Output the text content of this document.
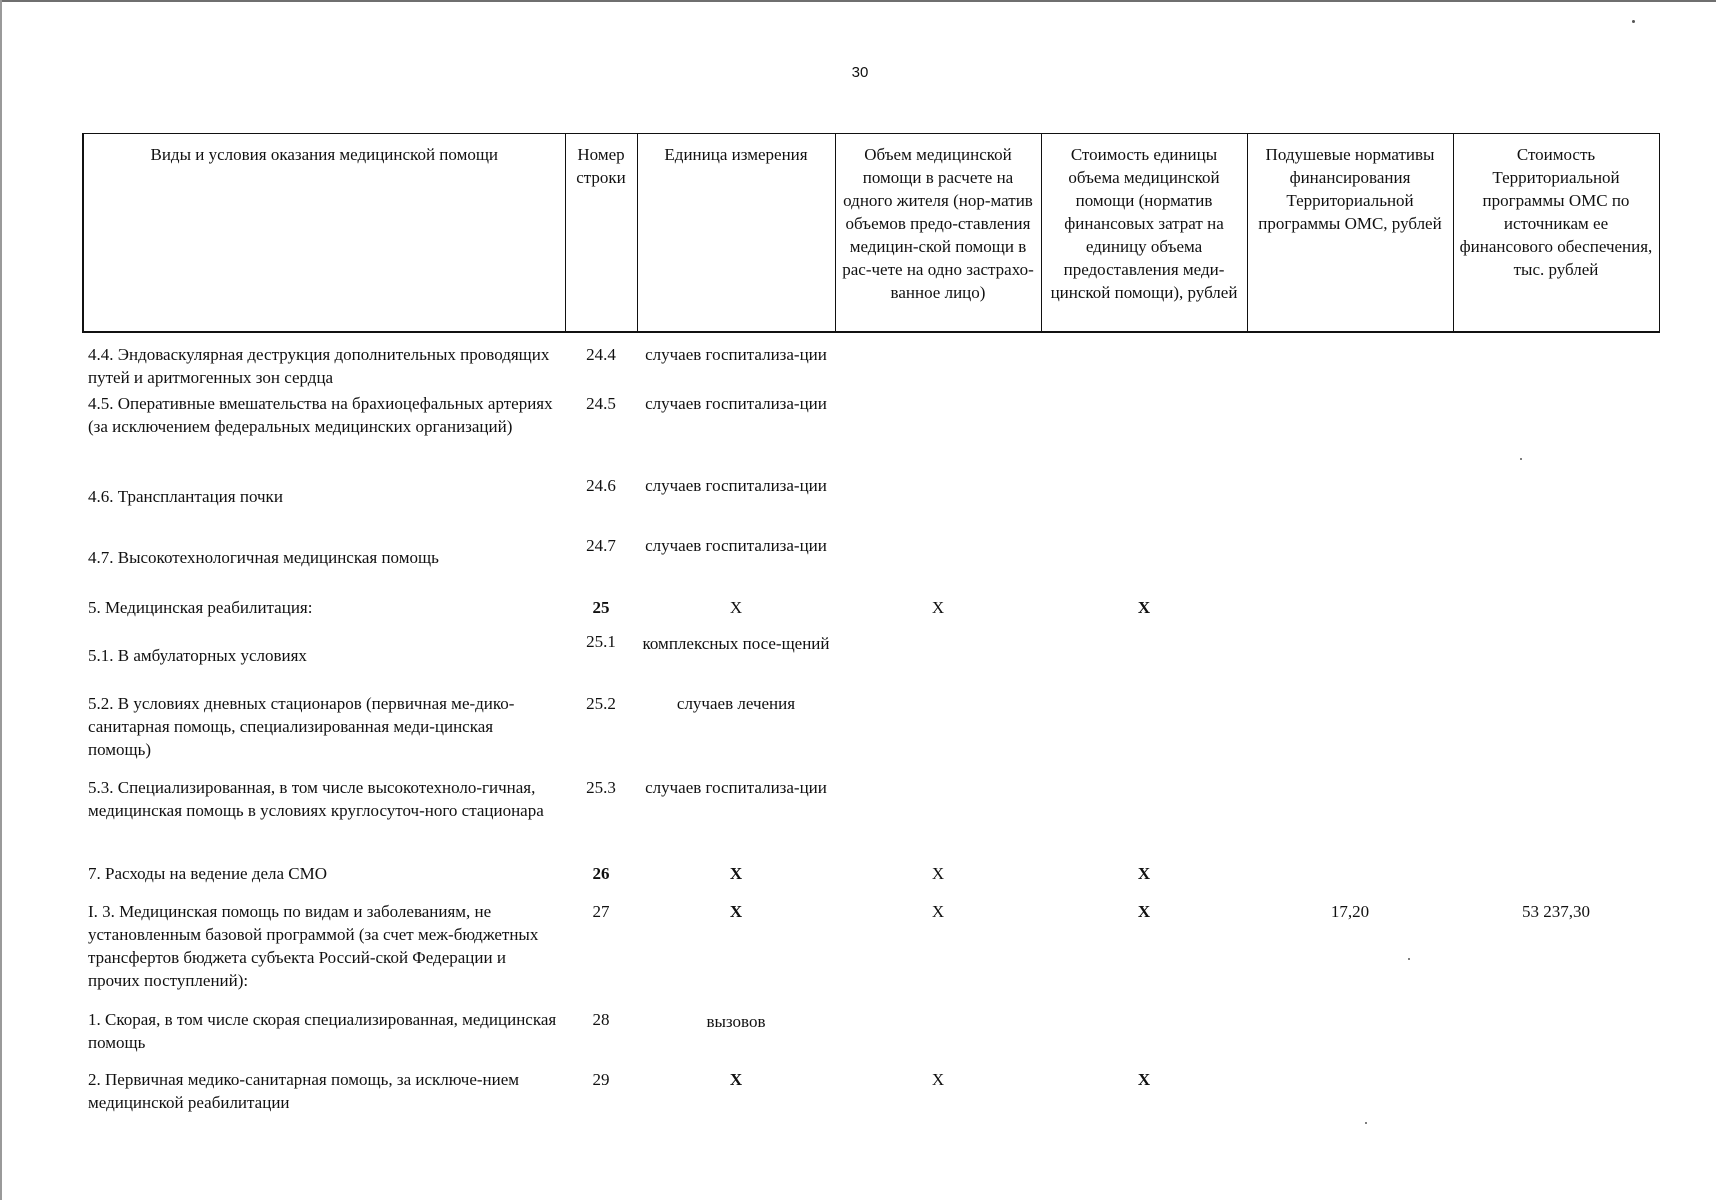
30
Виды и условия оказания медицинской помощи	Номер строки	Единица измерения	Объем медицинской помощи в расчете на одного жителя (нор-матив объемов предо-ставления медицин-ской помощи в рас-чете на одно застрахо-ванное лицо)	Стоимость единицы объема медицинской помощи (норматив финансовых затрат на единицу объема предоставления меди-цинской помощи), рублей	Подушевые нормативы финансирования Территориальной программы ОМС, рублей	Стоимость Территориальной программы ОМС по источникам ее финансового обеспечения, тыс. рублей
4.4. Эндоваскулярная деструкция дополнительных проводящих путей и аритмогенных зон сердца	24.4	случаев госпитализа-ции				
4.5. Оперативные вмешательства на брахиоцефальных артериях (за исключением федеральных медицинских организаций)	24.5	случаев госпитализа-ции				
4.6. Трансплантация почки	24.6	случаев госпитализа-ции				
4.7. Высокотехнологичная медицинская помощь	24.7	случаев госпитализа-ции				
5. Медицинская реабилитация:	25	X	X	X		
5.1. В амбулаторных условиях	25.1	комплексных посе-щений				
5.2. В условиях дневных стационаров (первичная ме-дико-санитарная помощь, специализированная меди-цинская помощь)	25.2	случаев лечения				
5.3. Специализированная, в том числе высокотехноло-гичная, медицинская помощь в условиях круглосуточ-ного стационара	25.3	случаев госпитализа-ции				
7. Расходы на ведение дела СМО	26	X	X	X		
I. 3. Медицинская помощь по видам и заболеваниям, не установленным базовой программой (за счет меж-бюджетных трансфертов бюджета субъекта Россий-ской Федерации и прочих поступлений):	27	X	X	X	17,20	53 237,30
1. Скорая, в том числе скорая специализированная, медицинская помощь	28	вызовов				
2. Первичная медико-санитарная помощь, за исключе-нием медицинской реабилитации	29	X	X	X		
